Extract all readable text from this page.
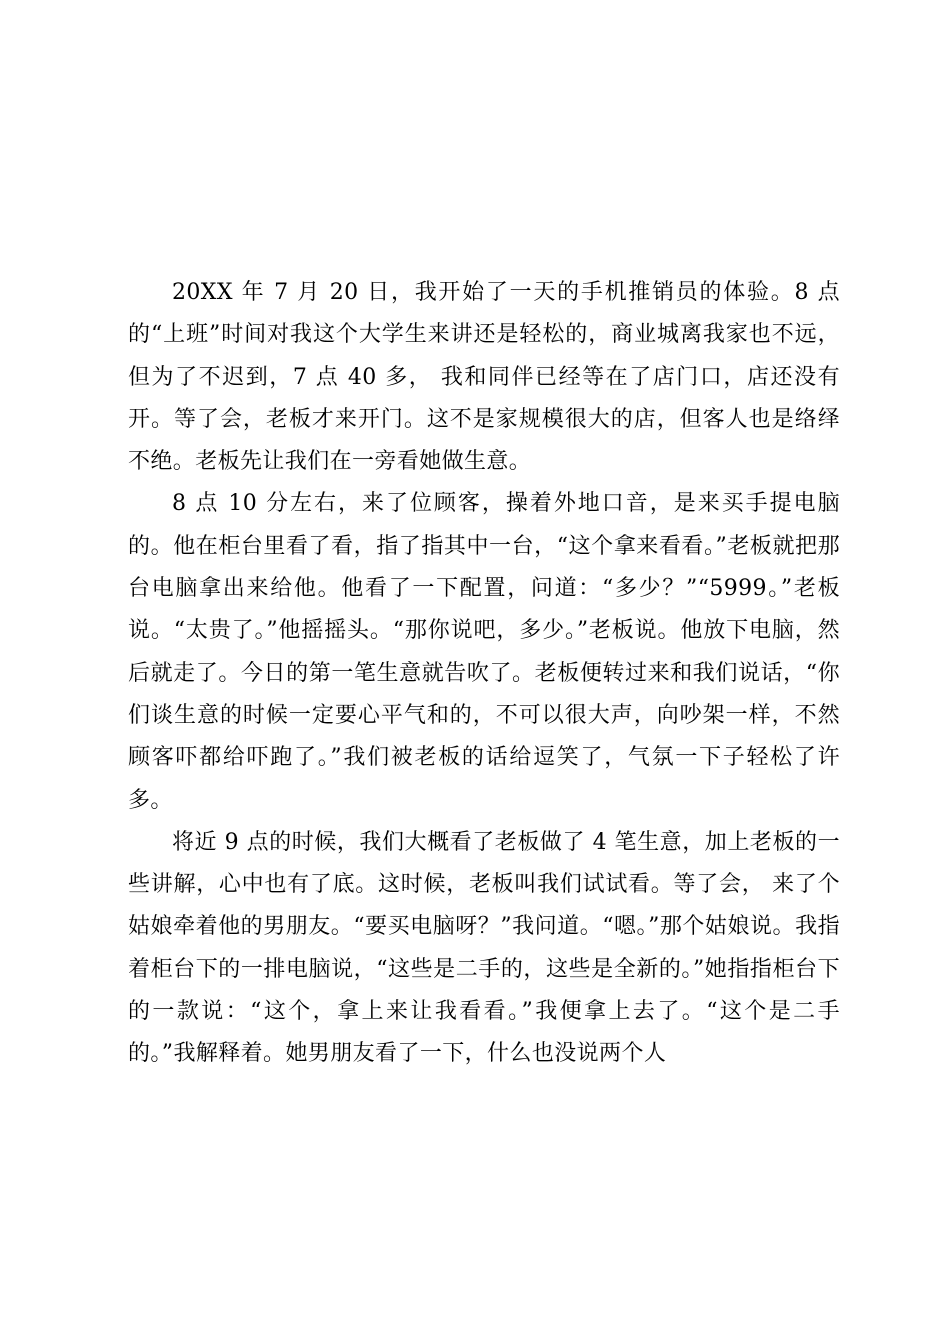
20XX 年 7 月 20 日，我开始了一天的手机推销员的体验。8 点的“上班”时间对我这个大学生来讲还是轻松的，商业城离我家也不远，但为了不迟到，7 点 40 多， 我和同伴已经等在了店门口，店还没有开。等了会，老板才来开门。这不是家规模很大的店，但客人也是络绎不绝。老板先让我们在一旁看她做生意。

8 点 10 分左右，来了位顾客，操着外地口音，是来买手提电脑的。他在柜台里看了看，指了指其中一台，“这个拿来看看。”老板就把那台电脑拿出来给他。他看了一下配置，问道：“多少？”“5999。”老板说。“太贵了。”他摇摇头。“那你说吧，多少。”老板说。他放下电脑，然后就走了。今日的第一笔生意就告吹了。老板便转过来和我们说话，“你们谈生意的时候一定要心平气和的，不可以很大声，向吵架一样，不然顾客吓都给吓跑了。”我们被老板的话给逗笑了，气氛一下子轻松了许多。

将近 9 点的时候，我们大概看了老板做了 4 笔生意，加上老板的一些讲解，心中也有了底。这时候，老板叫我们试试看。等了会， 来了个姑娘牵着他的男朋友。“要买电脑呀？”我问道。“嗯。”那个姑娘说。我指着柜台下的一排电脑说，“这些是二手的，这些是全新的。”她指指柜台下的一款说：“这个，拿上来让我看看。”我便拿上去了。“这个是二手的。”我解释着。她男朋友看了一下，什么也没说两个人
